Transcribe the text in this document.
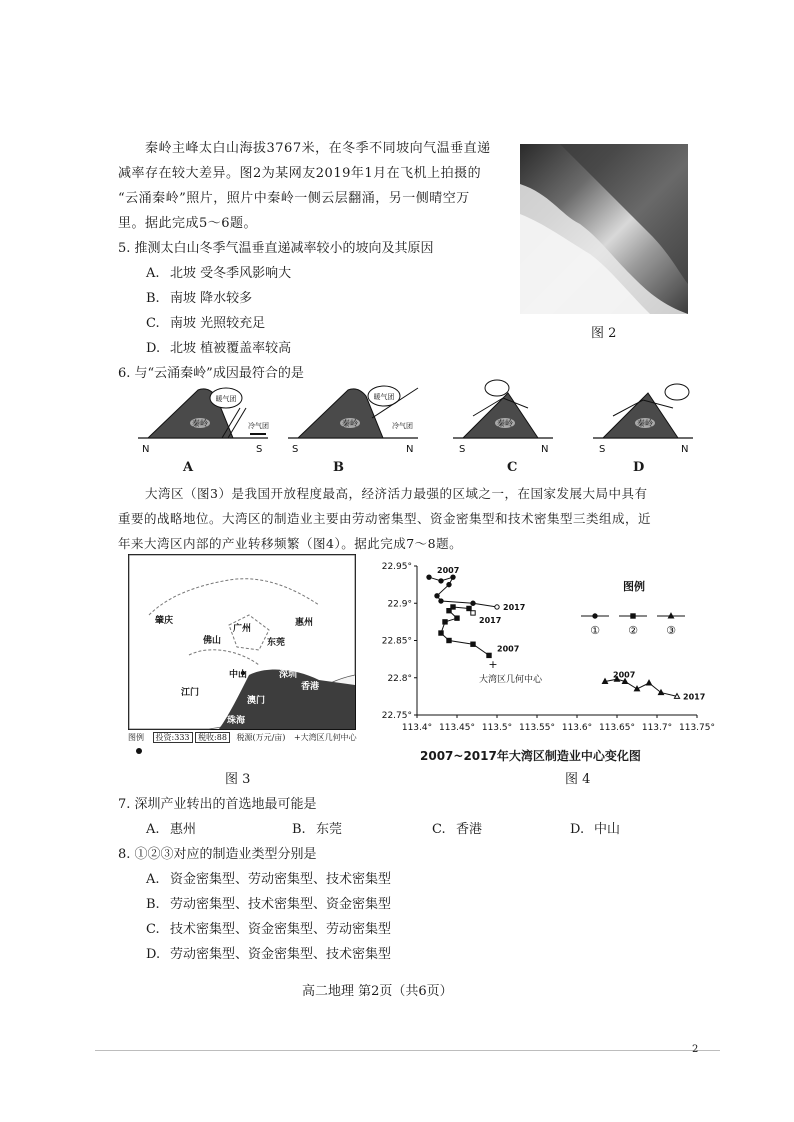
秦岭主峰太白山海拔3767米，在冬季不同坡向气温垂直递
减率存在较大差异。图2为某网友2019年1月在飞机上拍摄的
“云涌秦岭”照片，照片中秦岭一侧云层翻涌，另一侧晴空万
里。据此完成5～6题。
图 2
5. 推测太白山冬季气温垂直递减率较小的坡向及其原因
A. 北坡 受冬季风影响大
B. 南坡 降水较多
C. 南坡 光照较充足
D. 北坡 植被覆盖率较高
6. 与“云涌秦岭”成因最符合的是
秦岭
暖气团
冷气团
N	S
秦岭
暖气团
冷气团
S	N
秦岭
S	N
秦岭
S	N
A	B	C	D
大湾区（图3）是我国开放程度最高，经济活力最强的区域之一，在国家发展大局中具有
重要的战略地位。大湾区的制造业主要由劳动密集型、资金密集型和技术密集型三类组成，近
年来大湾区内部的产业转移频繁（图4）。据此完成7～8题。
肇庆
佛山
广州
东莞
惠州
深圳
中山
江门
珠海
澳门
香港
图例 投资:333 税收:88 税源(万元/亩) +大湾区几何中心
图 3
113.4° 113.45° 113.5° 113.55° 113.6° 113.65° 113.7° 113.75°
22.75°
22.8°
22.85°
22.9°
22.95°	2007
2017
2007
2017
2007
2017
+
大湾区几何中心
图例
①	②	③
2007~2017年大湾区制造业中心变化图
图 4
7. 深圳产业转出的首选地最可能是
A. 惠州	B. 东莞	C. 香港	D. 中山
8. ①②③对应的制造业类型分别是
A. 资金密集型、劳动密集型、技术密集型
B. 劳动密集型、技术密集型、资金密集型
C. 技术密集型、资金密集型、劳动密集型
D. 劳动密集型、资金密集型、技术密集型
高二地理 第2页（共6页）
2
